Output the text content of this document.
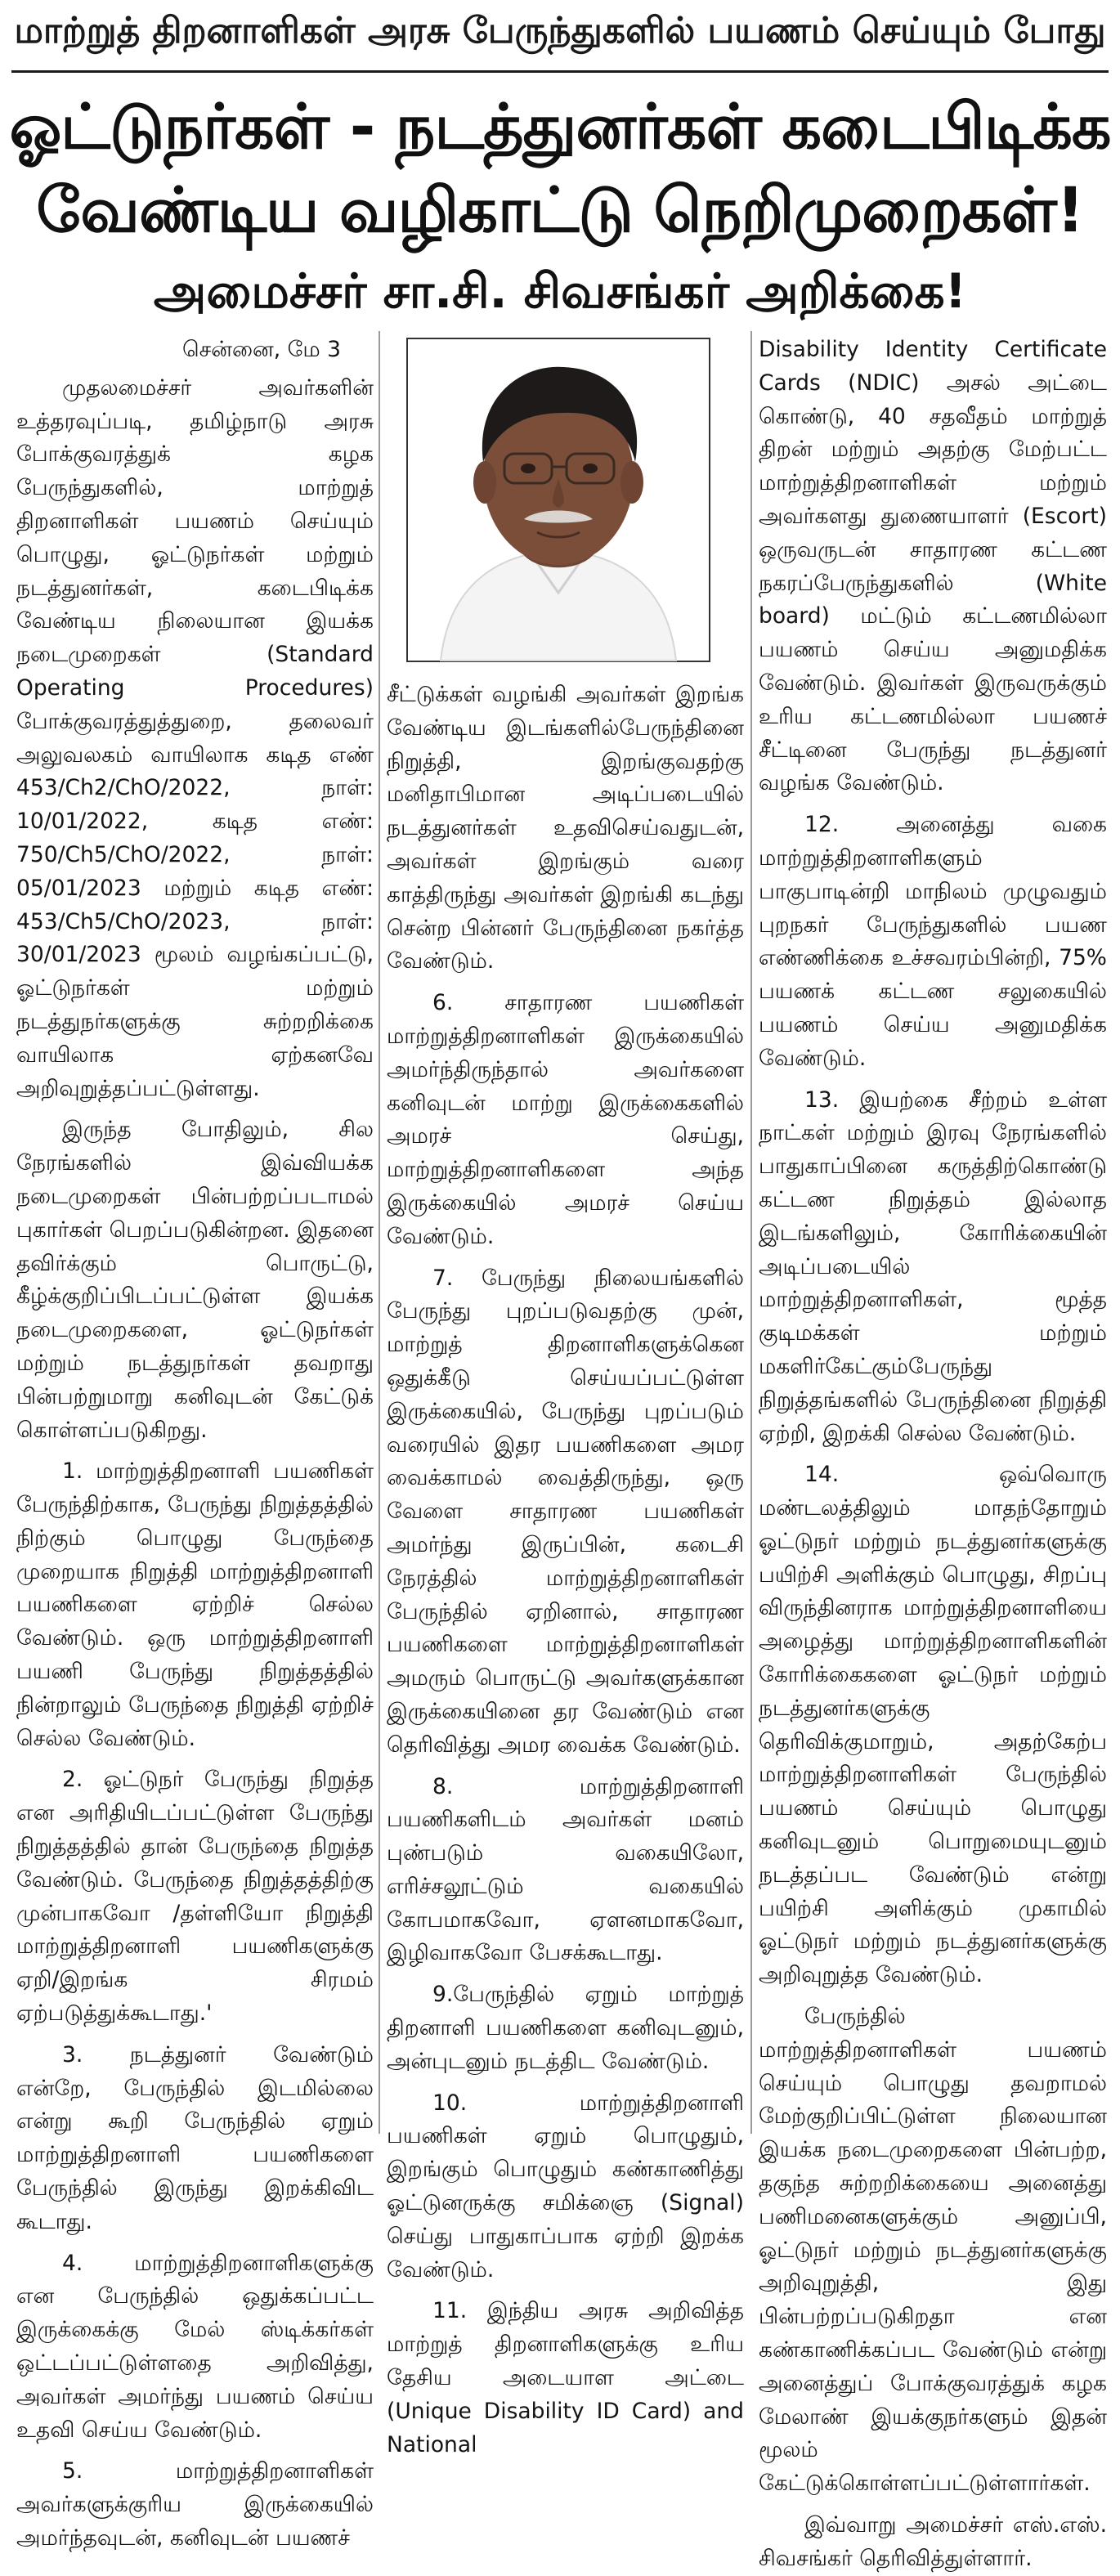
மாற்றுத் திறனாளிகள் அரசு பேருந்துகளில் பயணம் செய்யும் போது
ஓட்டுநர்கள் - நடத்துனர்கள் கடைபிடிக்க
வேண்டிய வழிகாட்டு நெறிமுறைகள்!
அமைச்சர் சா.சி. சிவசங்கர் அறிக்கை!

சென்னை, மே 3

முதலமைச்சர் அவர்களின் உத்தரவுப்படி, தமிழ்நாடு அரசு போக்குவரத்துக் கழக பேருந்துகளில், மாற்றுத் திறனாளிகள் பயணம் செய்யும் பொழுது, ஓட்டுநர்கள் மற்றும் நடத்துனர்கள், கடைபிடிக்க வேண்டிய நிலையான இயக்க நடைமுறைகள் (Standard Operating Procedures) போக்குவரத்துத்துறை, தலைவர் அலுவலகம் வாயிலாக கடித எண் 453/Ch2/ChO/2022, நாள்: 10/01/2022, கடித எண்: 750/Ch5/ChO/2022, நாள்: 05/01/2023 மற்றும் கடித எண்: 453/Ch5/ChO/2023, நாள்: 30/01/2023 மூலம் வழங்கப்பட்டு, ஓட்டுநர்கள் மற்றும் நடத்துநர்களுக்கு சுற்றறிக்கை வாயிலாக ஏற்கனவே அறிவுறுத்தப்பட்டுள்ளது.

இருந்த போதிலும், சில நேரங்களில் இவ்வியக்க நடைமுறைகள் பின்பற்றப்படாமல் புகார்கள் பெறப்படுகின்றன. இதனை தவிர்க்கும் பொருட்டு, கீழ்க்குறிப்பிடப்பட்டுள்ள இயக்க நடைமுறைகளை, ஓட்டுநர்கள் மற்றும் நடத்துநர்கள் தவறாது பின்பற்றுமாறு கனிவுடன் கேட்டுக் கொள்ளப்படுகிறது.

1. மாற்றுத்திறனாளி பயணிகள் பேருந்திற்காக, பேருந்து நிறுத்தத்தில் நிற்கும் பொழுது பேருந்தை முறையாக நிறுத்தி மாற்றுத்திறனாளி பயணிகளை ஏற்றிச் செல்ல வேண்டும். ஒரு மாற்றுத்திறனாளி பயணி பேருந்து நிறுத்தத்தில் நின்றாலும் பேருந்தை நிறுத்தி ஏற்றிச் செல்ல வேண்டும்.

2. ஓட்டுநர் பேருந்து நிறுத்த என அரிதியிடப்பட்டுள்ள பேருந்து நிறுத்தத்தில் தான் பேருந்தை நிறுத்த வேண்டும். பேருந்தை நிறுத்தத்திற்கு முன்பாகவோ /தள்ளியோ நிறுத்தி மாற்றுத்திறனாளி பயணிகளுக்கு ஏறி/இறங்க சிரமம் ஏற்படுத்துக்கூடாது.'

3. நடத்துனர் வேண்டும் என்றே, பேருந்தில் இடமில்லை என்று கூறி பேருந்தில் ஏறும் மாற்றுத்திறனாளி பயணிகளை பேருந்தில் இருந்து இறக்கிவிட கூடாது.

4. மாற்றுத்திறனாளிகளுக்கு என பேருந்தில் ஒதுக்கப்பட்ட இருக்கைக்கு மேல் ஸ்டிக்கர்கள் ஒட்டப்பட்டுள்ளதை அறிவித்து, அவர்கள் அமர்ந்து பயணம் செய்ய உதவி செய்ய வேண்டும்.

5. மாற்றுத்திறனாளிகள் அவர்களுக்குரிய இருக்கையில் அமர்ந்தவுடன், கனிவுடன் பயணச்

சீட்டுக்கள் வழங்கி அவர்கள் இறங்க வேண்டிய இடங்களில்பேருந்தினை நிறுத்தி, இறங்குவதற்கு மனிதாபிமான அடிப்படையில் நடத்துனர்கள் உதவிசெய்வதுடன், அவர்கள் இறங்கும் வரை காத்திருந்து அவர்கள் இறங்கி கடந்து சென்ற பின்னர் பேருந்தினை நகர்த்த வேண்டும்.

6. சாதாரண பயணிகள் மாற்றுத்திறனாளிகள் இருக்கையில் அமர்ந்திருந்தால் அவர்களை கனிவுடன் மாற்று இருக்கைகளில் அமரச் செய்து, மாற்றுத்திறனாளிகளை அந்த இருக்கையில் அமரச் செய்ய வேண்டும்.

7. பேருந்து நிலையங்களில் பேருந்து புறப்படுவதற்கு முன், மாற்றுத் திறனாளிகளுக்கென ஒதுக்கீடு செய்யப்பட்டுள்ள இருக்கையில், பேருந்து புறப்படும் வரையில் இதர பயணிகளை அமர வைக்காமல் வைத்திருந்து, ஒரு வேளை சாதாரண பயணிகள் அமர்ந்து இருப்பின், கடைசி நேரத்தில் மாற்றுத்திறனாளிகள் பேருந்தில் ஏறினால், சாதாரண பயணிகளை மாற்றுத்திறனாளிகள் அமரும் பொருட்டு அவர்களுக்கான இருக்கையினை தர வேண்டும் என தெரிவித்து அமர வைக்க வேண்டும்.

8. மாற்றுத்திறனாளி பயணிகளிடம் அவர்கள் மனம் புண்படும் வகையிலோ, எரிச்சலூட்டும் வகையில் கோபமாகவோ, ஏளனமாகவோ, இழிவாகவோ பேசக்கூடாது.

9.பேருந்தில் ஏறும் மாற்றுத் திறனாளி பயணிகளை கனிவுடனும், அன்புடனும் நடத்திட வேண்டும்.

10. மாற்றுத்திறனாளி பயணிகள் ஏறும் பொழுதும், இறங்கும் பொழுதும் கண்காணித்து ஓட்டுனருக்கு சமிக்ஞை (Signal) செய்து பாதுகாப்பாக ஏற்றி இறக்க வேண்டும்.

11. இந்திய அரசு அறிவித்த மாற்றுத் திறனாளிகளுக்கு உரிய தேசிய அடையாள அட்டை (Unique Disability ID Card) and National

Disability Identity Certificate Cards (NDIC) அசல் அட்டை கொண்டு, 40 சதவீதம் மாற்றுத் திறன் மற்றும் அதற்கு மேற்பட்ட மாற்றுத்திறனாளிகள் மற்றும் அவர்களது துணையாளர் (Escort) ஒருவருடன் சாதாரண கட்டண நகரப்பேருந்துகளில் (White board) மட்டும் கட்டணமில்லா பயணம் செய்ய அனுமதிக்க வேண்டும். இவர்கள் இருவருக்கும் உரிய கட்டணமில்லா பயணச் சீட்டினை பேருந்து நடத்துனர் வழங்க வேண்டும்.

12. அனைத்து வகை மாற்றுத்திறனாளிகளும் பாகுபாடின்றி மாநிலம் முழுவதும் புறநகர் பேருந்துகளில் பயண எண்ணிக்கை உச்சவரம்பின்றி, 75% பயணக் கட்டண சலுகையில் பயணம் செய்ய அனுமதிக்க வேண்டும்.

13. இயற்கை சீற்றம் உள்ள நாட்கள் மற்றும் இரவு நேரங்களில் பாதுகாப்பினை கருத்திற்கொண்டு கட்டண நிறுத்தம் இல்லாத இடங்களிலும், கோரிக்கையின் அடிப்படையில் மாற்றுத்திறனாளிகள், மூத்த குடிமக்கள் மற்றும் மகளிர்கேட்கும்பேருந்து நிறுத்தங்களில் பேருந்தினை நிறுத்தி ஏற்றி, இறக்கி செல்ல வேண்டும்.

14. ஒவ்வொரு மண்டலத்திலும் மாதந்தோறும் ஓட்டுநர் மற்றும் நடத்துனர்களுக்கு பயிற்சி அளிக்கும் பொழுது, சிறப்பு விருந்தினராக மாற்றுத்திறனாளியை அழைத்து மாற்றுத்திறனாளிகளின் கோரிக்கைகளை ஓட்டுநர் மற்றும் நடத்துனர்களுக்கு தெரிவிக்குமாறும், அதற்கேற்ப மாற்றுத்திறனாளிகள் பேருந்தில் பயணம் செய்யும் பொழுது கனிவுடனும் பொறுமையுடனும் நடத்தப்பட வேண்டும் என்று பயிற்சி அளிக்கும் முகாமில் ஓட்டுநர் மற்றும் நடத்துனர்களுக்கு அறிவுறுத்த வேண்டும்.

பேருந்தில் மாற்றுத்திறனாளிகள் பயணம் செய்யும் பொழுது தவறாமல் மேற்குறிப்பிட்டுள்ள நிலையான இயக்க நடைமுறைகளை பின்பற்ற, தகுந்த சுற்றறிக்கையை அனைத்து பணிமனைகளுக்கும் அனுப்பி, ஓட்டுநர் மற்றும் நடத்துனர்களுக்கு அறிவுறுத்தி, இது பின்பற்றப்படுகிறதா என கண்காணிக்கப்பட வேண்டும் என்று அனைத்துப் போக்குவரத்துக் கழக மேலாண் இயக்குநர்களும் இதன் மூலம் கேட்டுக்கொள்ளப்பட்டுள்ளார்கள்.

இவ்வாறு அமைச்சர் எஸ்.எஸ். சிவசங்கர் தெரிவித்துள்ளார்.
